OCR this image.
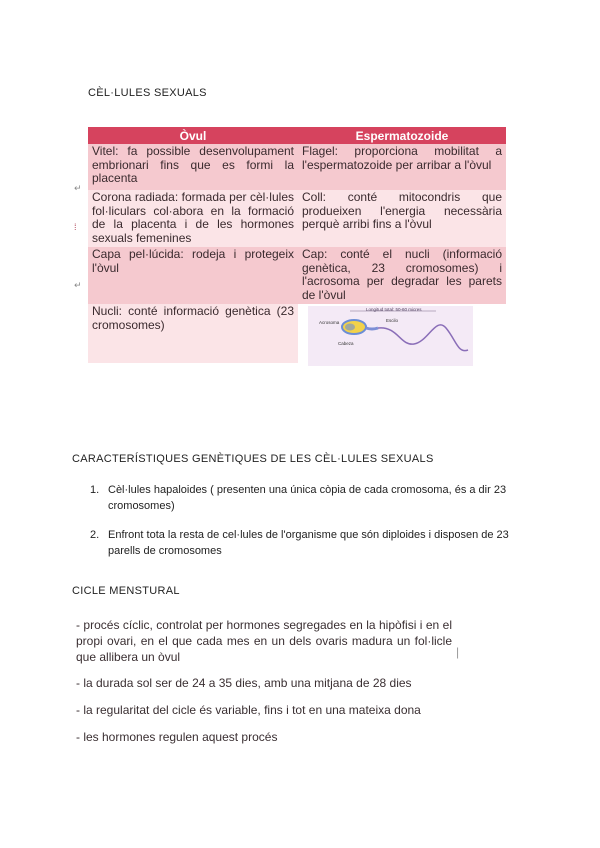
CÈL·LULES SEXUALS
↵
⁞
↵
Òvul	Espermatozoide
Vitel: fa possible desenvolupament embrionari fins que es formi la placenta	Flagel: proporciona mobilitat a l'espermatozoide per arribar a l'òvul
Corona radiada: formada per cèl·lules fol·liculars col·abora en la formació de la placenta i de les hormones sexuals femenines	Coll: conté mitocondris que produeixen l'energia necessària perquè arribi fins a l'òvul
Capa pel·lúcida: rodeja i protegeix l'òvul	Cap: conté el nucli (informació genètica, 23 cromosomes) i l'acrosoma per degradar les parets de l'òvul
Nucli: conté informació genètica (23 cromosomes)	Longitud total: 50-60 micres
Acrosoma Escilo
Cabeza
CARACTERÍSTIQUES GENÈTIQUES DE LES CÈL·LULES SEXUALS
1. Cèl·lules hapaloides ( presenten una única còpia de cada cromosoma, és a dir 23 cromosomes)
2. Enfront tota la resta de cel·lules de l'organisme que són diploides i disposen de 23 parells de cromosomes
CICLE MENSTURAL
- procés cíclic, controlat per hormones segregades en la hipòfisi i en el propi ovari, en el que cada mes en un dels ovaris madura un fol·licle que allibera un òvul
- la durada sol ser de 24 a 35 dies, amb una mitjana de 28 dies
- la regularitat del cicle és variable, fins i tot en una mateixa dona
- les hormones regulen aquest procés
|
